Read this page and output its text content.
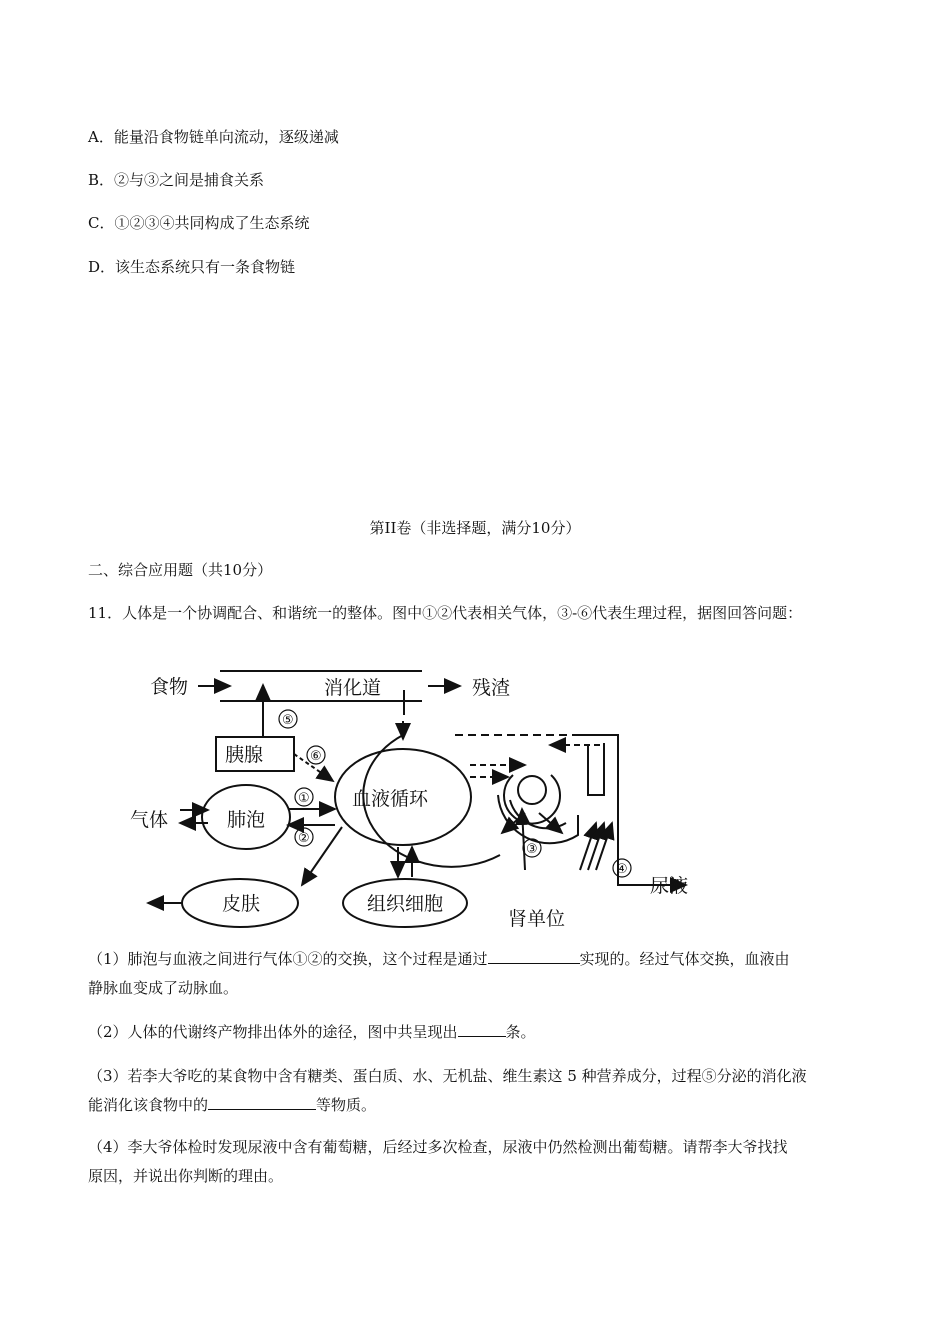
A．能量沿食物链单向流动，逐级递减
B．②与③之间是捕食关系
C．①②③④共同构成了生态系统
D．该生态系统只有一条食物链
第II卷（非选择题，满分10分）
二、综合应用题（共10分）
11．人体是一个协调配合、和谐统一的整体。图中①②代表相关气体，③-⑥代表生理过程，据图回答问题：
食物	消化道	残渣
胰腺
气体	肺泡
血液循环
皮肤	组织细胞
肾单位
尿液
⑤
⑥
①
②
③
④
（1）肺泡与血液之间进行气体①②的交换，这个过程是通过	实现的。经过气体交换，血液由
静脉血变成了动脉血。
（2）人体的代谢终产物排出体外的途径，图中共呈现出	条。
（3）若李大爷吃的某食物中含有糖类、蛋白质、水、无机盐、维生素这 5 种营养成分，过程⑤分泌的消化液
能消化该食物中的	等物质。
（4）李大爷体检时发现尿液中含有葡萄糖，后经过多次检查，尿液中仍然检测出葡萄糖。请帮李大爷找找
原因，并说出你判断的理由。
